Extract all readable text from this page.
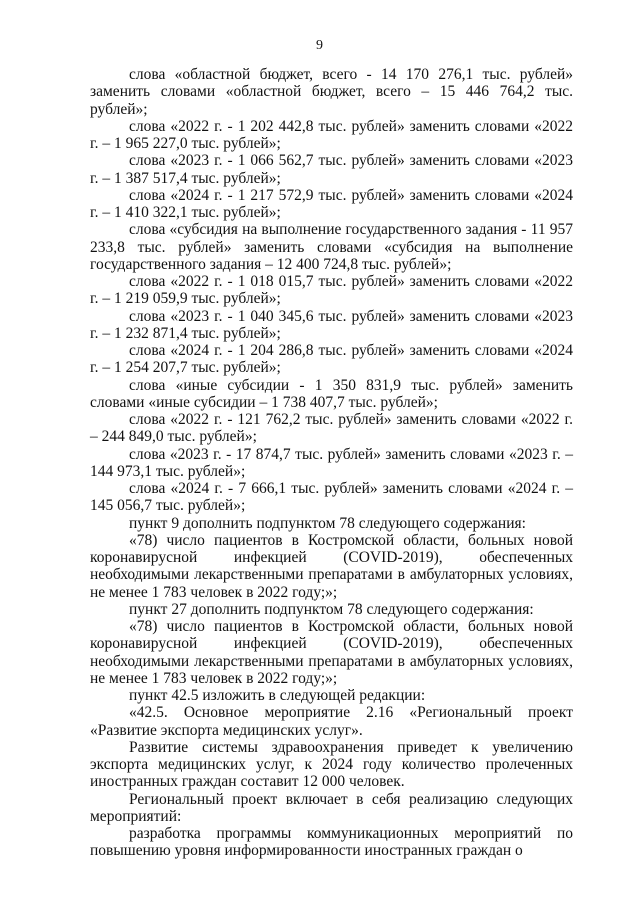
9

слова «областной бюджет, всего - 14 170 276,1 тыс. рублей» заменить словами «областной бюджет, всего – 15 446 764,2 тыс. рублей»;

слова «2022 г. - 1 202 442,8 тыс. рублей» заменить словами «2022 г. – 1 965 227,0 тыс. рублей»;

слова «2023 г. - 1 066 562,7 тыс. рублей» заменить словами «2023 г. – 1 387 517,4 тыс. рублей»;

слова «2024 г. - 1 217 572,9 тыс. рублей» заменить словами «2024 г. – 1 410 322,1 тыс. рублей»;

слова «субсидия на выполнение государственного задания - 11 957 233,8 тыс. рублей» заменить словами «субсидия на выполнение государственного задания – 12 400 724,8 тыс. рублей»;

слова «2022 г. - 1 018 015,7 тыс. рублей» заменить словами «2022 г. – 1 219 059,9 тыс. рублей»;

слова «2023 г. - 1 040 345,6 тыс. рублей» заменить словами «2023 г. – 1 232 871,4 тыс. рублей»;

слова «2024 г. - 1 204 286,8 тыс. рублей» заменить словами «2024 г. – 1 254 207,7 тыс. рублей»;

слова «иные субсидии - 1 350 831,9 тыс. рублей» заменить словами «иные субсидии – 1 738 407,7 тыс. рублей»;

слова «2022 г. - 121 762,2 тыс. рублей» заменить словами «2022 г. – 244 849,0 тыс. рублей»;

слова «2023 г. - 17 874,7 тыс. рублей» заменить словами «2023 г. – 144 973,1 тыс. рублей»;

слова «2024 г. - 7 666,1 тыс. рублей» заменить словами «2024 г. – 145 056,7 тыс. рублей»;

пункт 9 дополнить подпунктом 78 следующего содержания:

«78) число пациентов в Костромской области, больных новой коронавирусной инфекцией (COVID-2019), обеспеченных необходимыми лекарственными препаратами в амбулаторных условиях, не менее 1 783 человек в 2022 году;»;

пункт 27 дополнить подпунктом 78 следующего содержания:

«78) число пациентов в Костромской области, больных новой коронавирусной инфекцией (COVID-2019), обеспеченных необходимыми лекарственными препаратами в амбулаторных условиях, не менее 1 783 человек в 2022 году;»;

пункт 42.5 изложить в следующей редакции:

«42.5. Основное мероприятие 2.16 «Региональный проект «Развитие экспорта медицинских услуг».

Развитие системы здравоохранения приведет к увеличению экспорта медицинских услуг, к 2024 году количество пролеченных иностранных граждан составит 12 000 человек.

Региональный проект включает в себя реализацию следующих мероприятий:

разработка программы коммуникационных мероприятий по повышению уровня информированности иностранных граждан о
